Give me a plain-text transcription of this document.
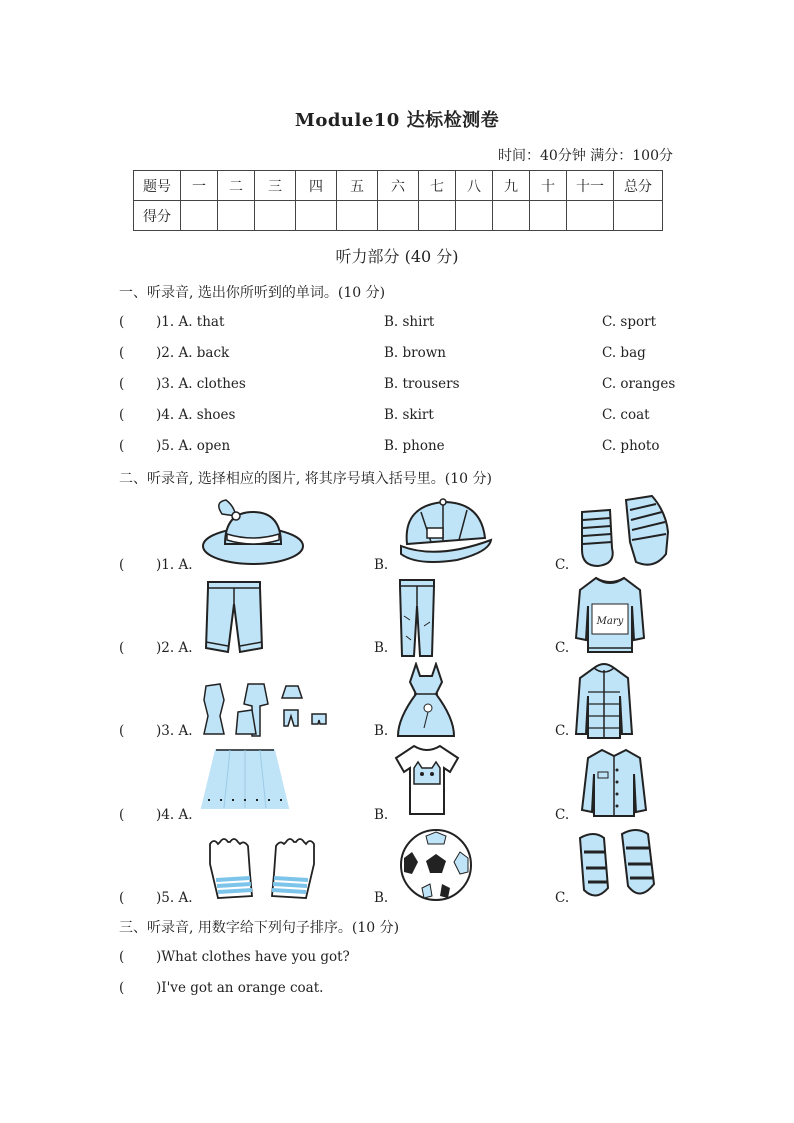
Module10 达标检测卷
时间：40分钟 满分：100分
题号	一	二	三	四	五	六	七	八	九	十	十一	总分
得分												
听力部分 (40 分)
一、听录音, 选出你所听到的单词。(10 分)
( )1. A. that	B. shirt	C. sport
( )2. A. back	B. brown	C. bag
( )3. A. clothes	B. trousers	C. oranges
( )4. A. shoes	B. skirt	C. coat
( )5. A. open	B. phone	C. photo
二、听录音, 选择相应的图片, 将其序号填入括号里。(10 分)
( )1. A.	B.	C.
( )2. A.	B.	C.
( )3. A.	B.	C.
( )4. A.	B.	C.
( )5. A.	B.	C.
Mary
三、听录音, 用数字给下列句子排序。(10 分)
( )What clothes have you got?
( )I've got an orange coat.
